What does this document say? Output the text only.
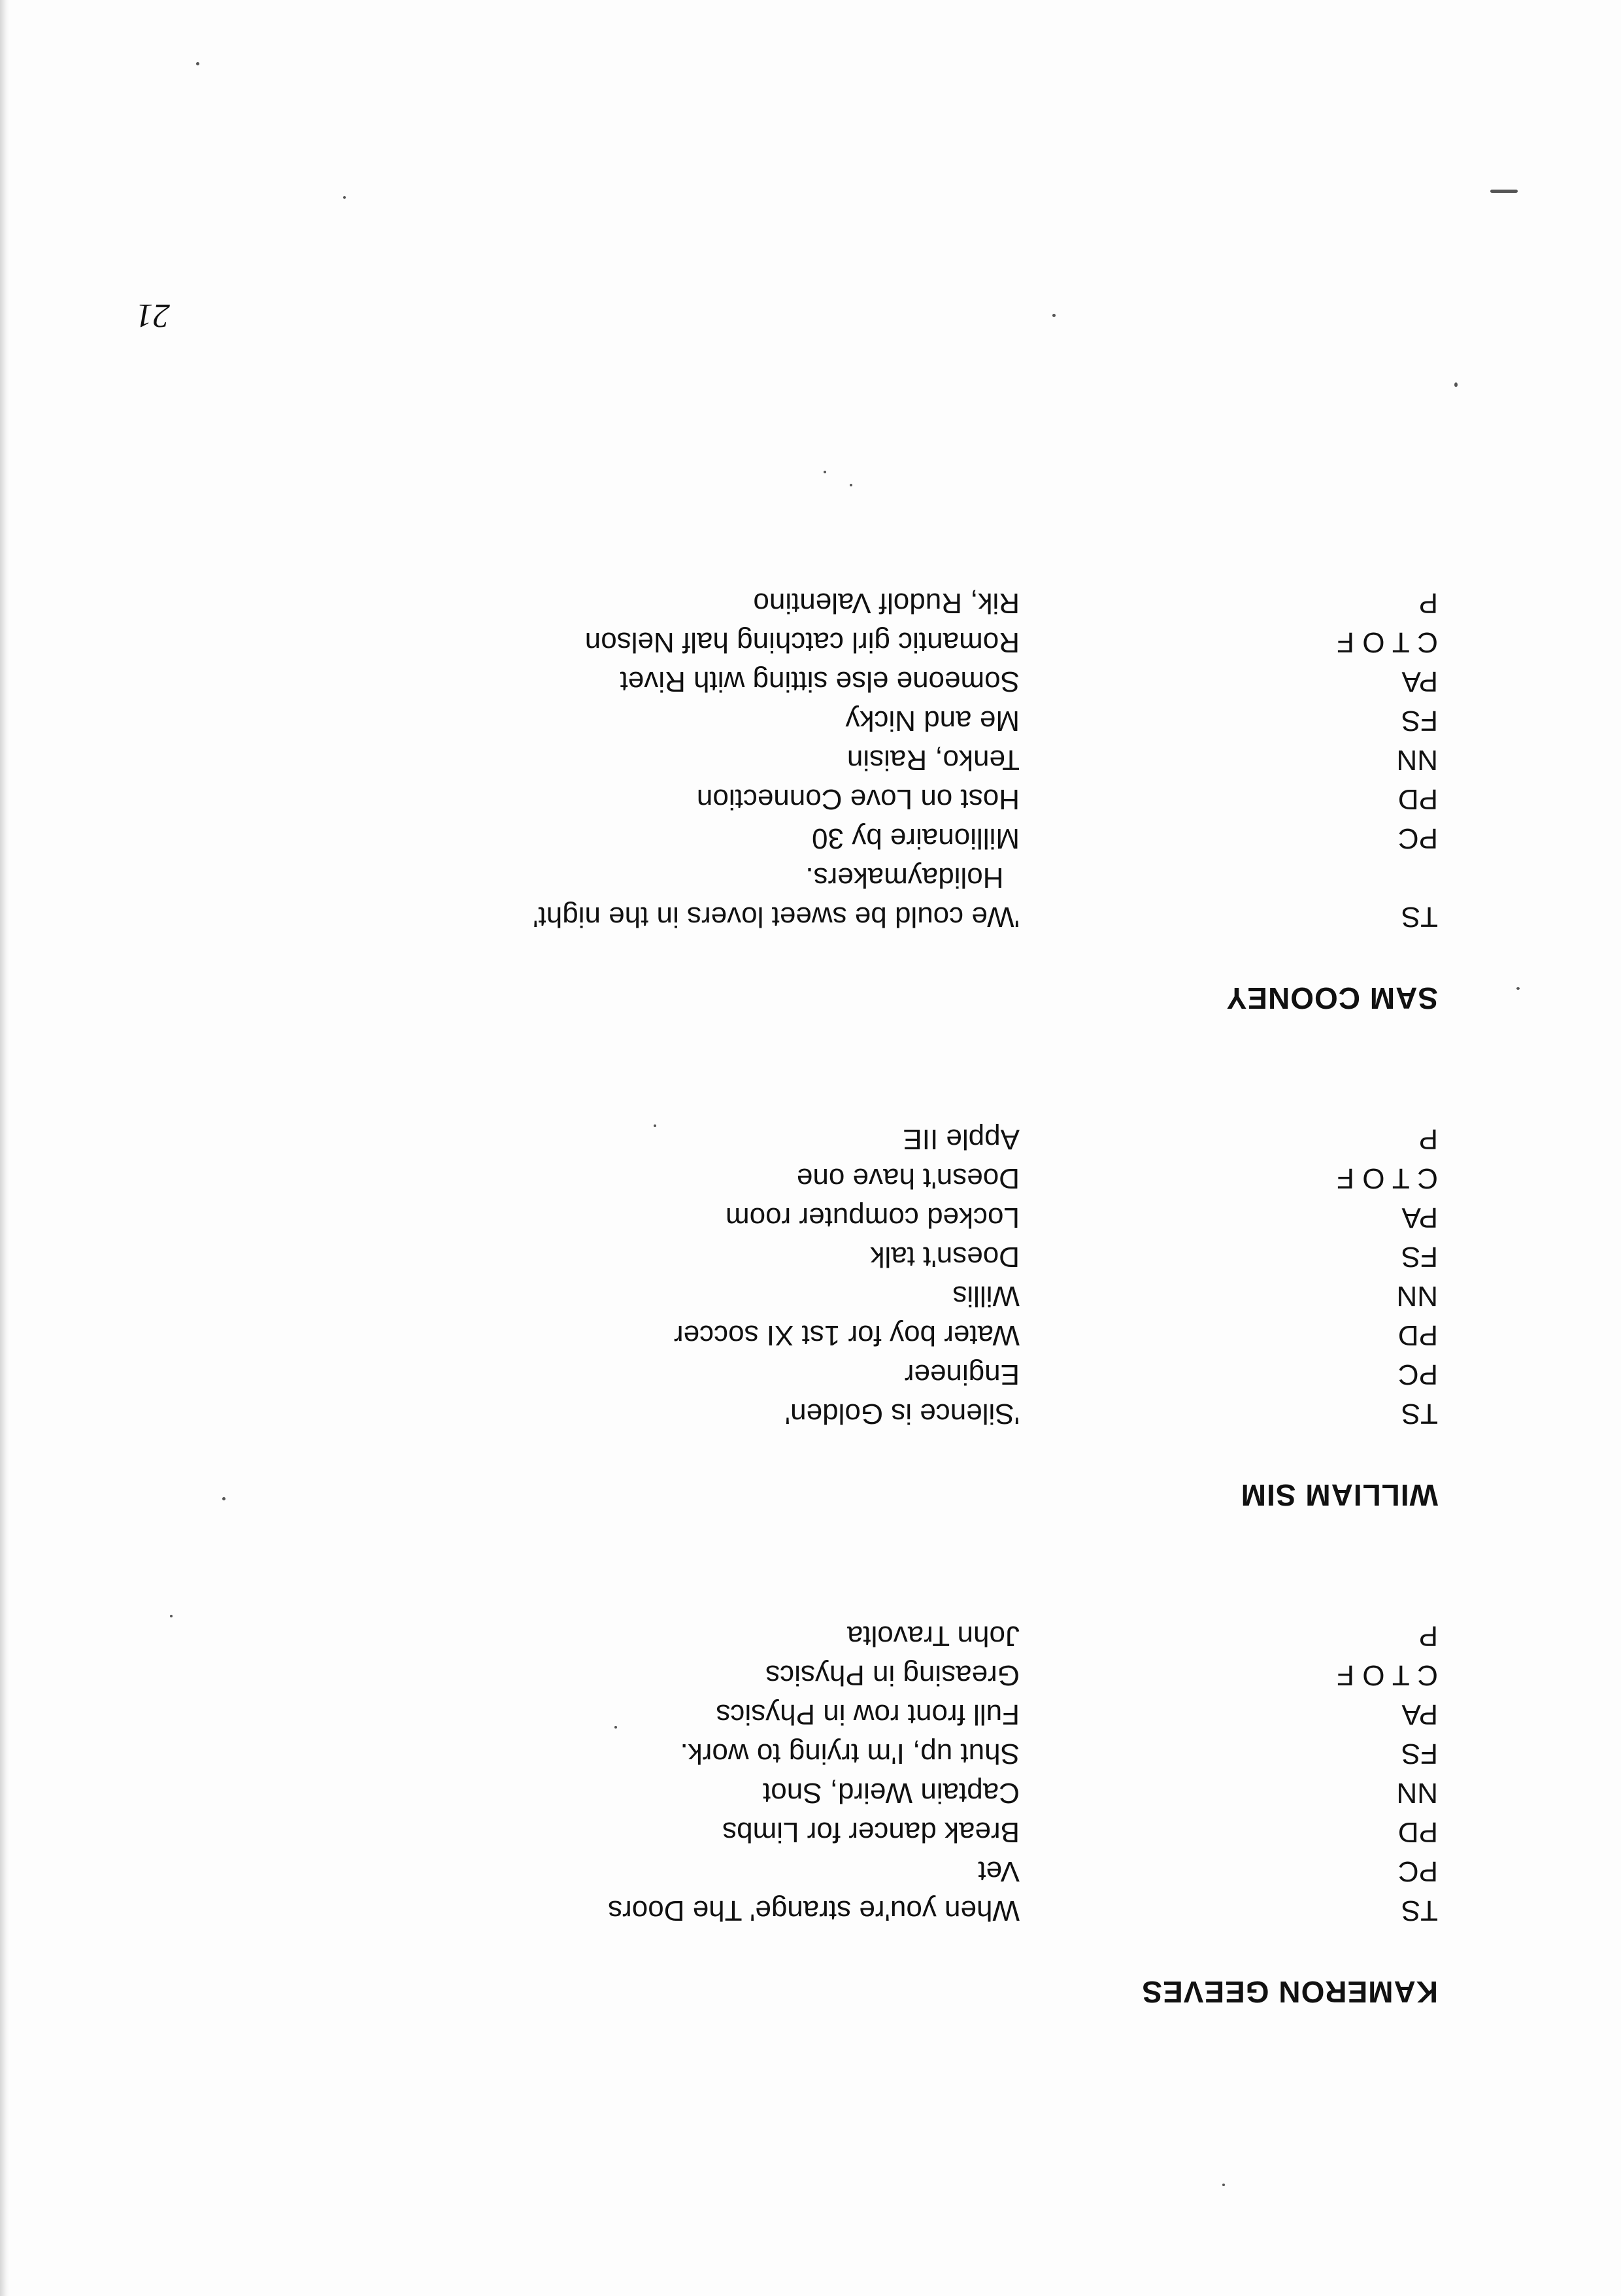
21
KAMERON GEEVES
TS
When you're strange' The Doors
PC
Vet
PD
Break dancer for Limbs
NN
Captain Weird, Snot
FS
Shut up, I'm trying to work.
PA
Full front row in Physics
C T O F
Greasing in Physics
P
John Travolta
WILLIAM SIM
TS
'Silence is Golden'
PC
Engineer
PD
Water boy for 1st XI soccer
NN
Willis
FS
Doesn't talk
PA
Locked computer room
C T O F
Doesn't have one
P
Apple IIE
SAM COONEY
TS
'We could be sweet lovers in the night'
Holidaymakers.
PC
Millionaire by 30
PD
Host on Love Connection
NN
Tenko, Raisin
FS
Me and Nicky
PA
Someone else sitting with Rivet
C T O F
Romantic girl catching half Nelson
P
Rik, Rudolf Valentino
